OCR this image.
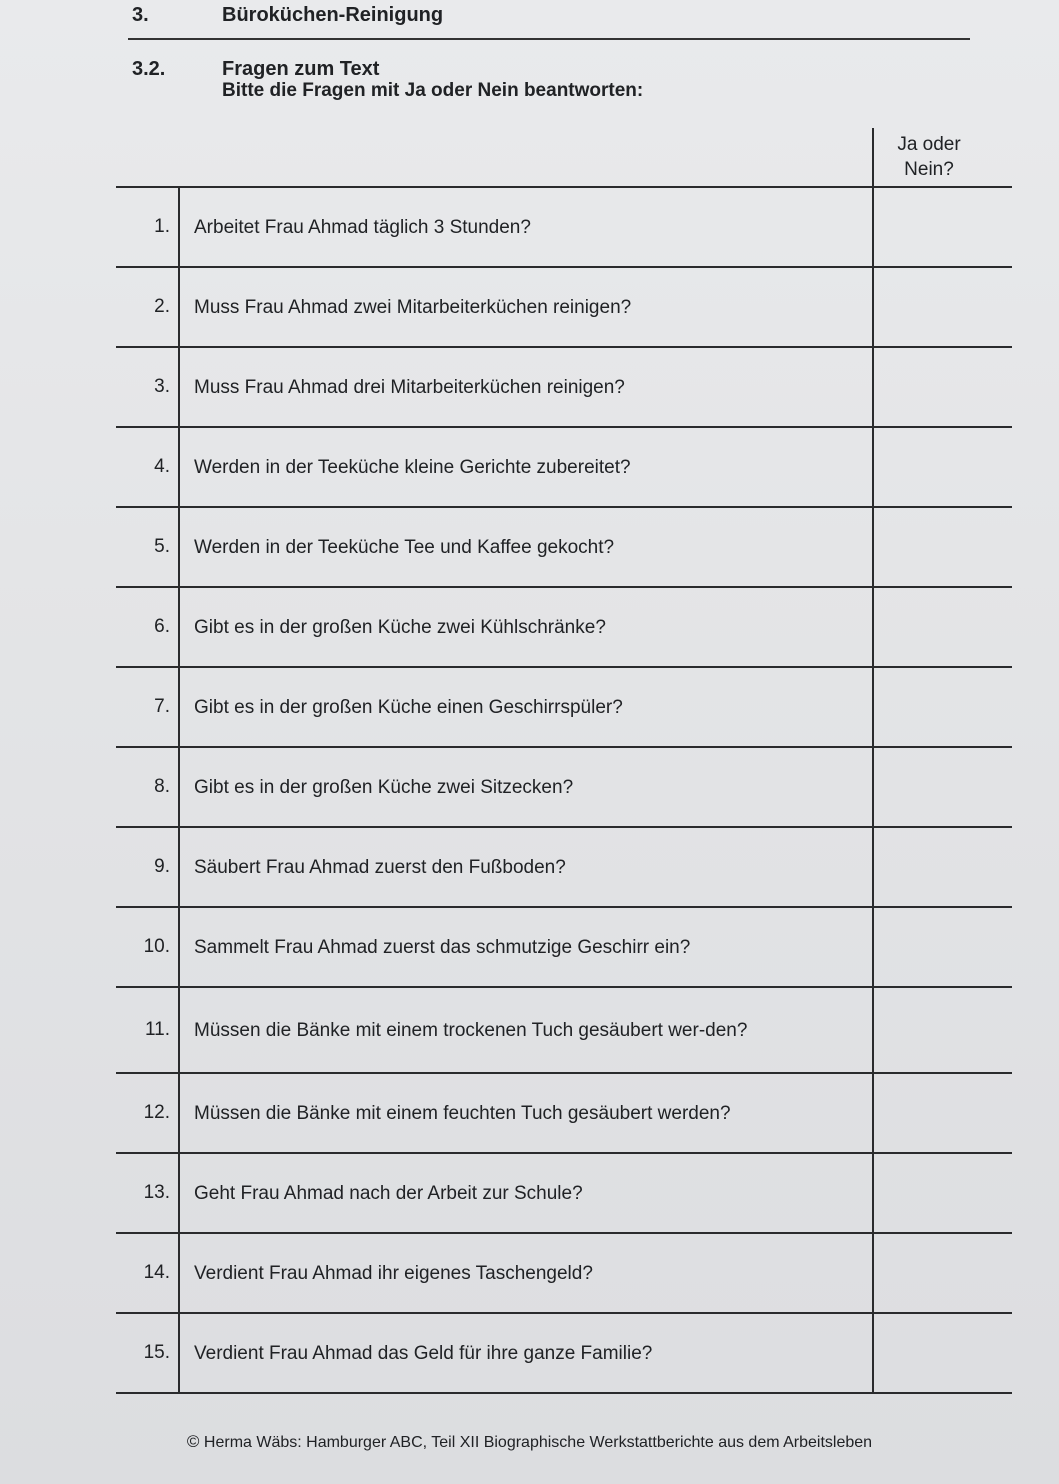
3.	Büroküchen-Reinigung
3.2.	Fragen zum Text
Bitte die Fragen mit Ja oder Nein beantworten:
		Ja oder
Nein?
1.	Arbeitet Frau Ahmad täglich 3 Stunden?	
2.	Muss Frau Ahmad zwei Mitarbeiterküchen reinigen?	
3.	Muss Frau Ahmad drei Mitarbeiterküchen reinigen?	
4.	Werden in der Teeküche kleine Gerichte zubereitet?	
5.	Werden in der Teeküche Tee und Kaffee gekocht?	
6.	Gibt es in der großen Küche zwei Kühlschränke?	
7.	Gibt es in der großen Küche einen Geschirrspüler?	
8.	Gibt es in der großen Küche zwei Sitzecken?	
9.	Säubert Frau Ahmad zuerst den Fußboden?	
10.	Sammelt Frau Ahmad zuerst das schmutzige Geschirr ein?	
11.	Müssen die Bänke mit einem trockenen Tuch gesäubert wer-den?	
12.	Müssen die Bänke mit einem feuchten Tuch gesäubert werden?	
13.	Geht Frau Ahmad nach der Arbeit zur Schule?	
14.	Verdient Frau Ahmad ihr eigenes Taschengeld?	
15.	Verdient Frau Ahmad das Geld für ihre ganze Familie?	
© Herma Wäbs: Hamburger ABC, Teil XII Biographische Werkstattberichte aus dem Arbeitsleben
